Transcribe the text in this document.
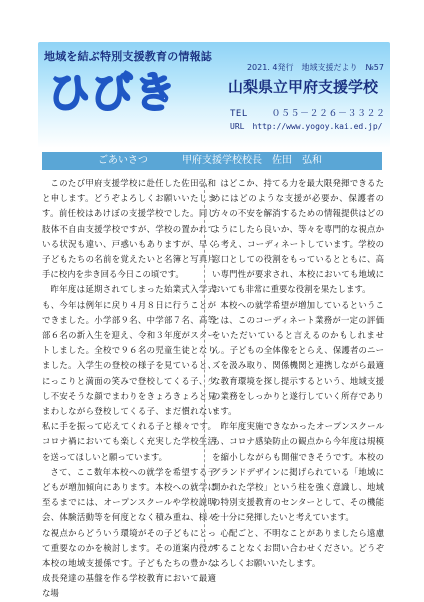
地域を結ぶ特別支援教育の情報誌
ひびき
2021. 4発行　地域支援だより　№57
山梨県立甲府支援学校
TEL	０５５－２２６－３３２２
URL http://www.yogoy.kai.ed.jp/
ごあいさつ	甲府支援学校校長　佐田　弘和

このたび甲府支援学校に赴任した佐田弘和と申します。どうぞよろしくお願いいたします。前任校はあけぼの支援学校でした。同じ肢体不自由支援学校ですが、学校の置かれている状況も違い、戸惑いもありますが、早く子どもたちの名前を覚えたいと名簿と写真片手に校内を歩き回る今日この頃です。

昨年度は延期されてしまった始業式入学式も、今年は例年に戻り４月８日に行うことができました。小学部９名、中学部７名、高等部６名の新入生を迎え、令和３年度がスタートしました。全校で９６名の児童生徒となりました。入学生の登校の様子を見ていると、にっこりと満面の笑みで登校してくる子、少し不安そうな顔でまわりをきょろきょろと見まわしながら登校してくる子、まだ慣れない私に手を振って応えてくれる子と様々です。コロナ禍においても楽しく充実した学校生活を送ってほしいと願っています。

さて、ここ数年本校への就学を希望する子どもが増加傾向にあります。本校への就学に至るまでには、オープンスクールや学校説明会、体験活動等を何度となく積み重ね、様々な視点からどういう環境がその子どもにとって重要なのかを検討します。その道案内役が本校の地域支援係です。子どもたちの豊かな成長発達の基盤を作る学校教育において最適な場

はどこか、持てる力を最大限発揮できるためにはどのような支援が必要か、保護者の方々の不安を解消するための情報提供はどのようにしたら良いか、等々を専門的な視点から考え、コーディネートしています。学校の窓口としての役割をもっているとともに、高い専門性が要求され、本校においても地域においても非常に重要な役割を果たします。

本校への就学希望が増加しているということは、このコーディネート業務が一定の評価をいただいていると言えるのかもしれません。子どもの全体像をとらえ、保護者のニーズを汲み取り、関係機関と連携しながら最適な教育環境を探し提示するという、地域支援の業務をしっかりと遂行していく所存であります。

昨年度実施できなかったオープンスクールも、コロナ感染防止の観点から今年度は規模を縮小しながらも開催できそうです。本校のグランドデザインに掲げられている「地域に開かれた学校」という柱を強く意識し、地域の特別支援教育のセンターとして、その機能を十分に発揮したいと考えています。

心配ごと、不明なことがありましたら遠慮することなくお問い合わせください。どうぞよろしくお願いいたします。
